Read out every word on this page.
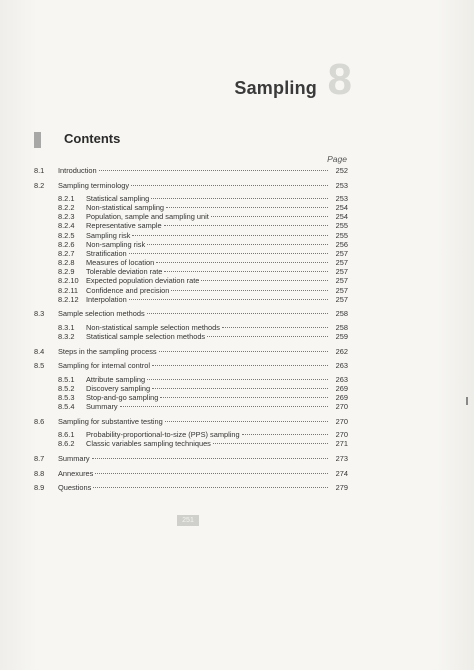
Sampling 8
Contents
Page
8.1 Introduction	252
8.2 Sampling terminology	253
8.2.1 Statistical sampling	253
8.2.2 Non-statistical sampling	254
8.2.3 Population, sample and sampling unit	254
8.2.4 Representative sample	255
8.2.5 Sampling risk	255
8.2.6 Non-sampling risk	256
8.2.7 Stratification	257
8.2.8 Measures of location	257
8.2.9 Tolerable deviation rate	257
8.2.10 Expected population deviation rate	257
8.2.11 Confidence and precision	257
8.2.12 Interpolation	257
8.3 Sample selection methods	258
8.3.1 Non-statistical sample selection methods	258
8.3.2 Statistical sample selection methods	259
8.4 Steps in the sampling process	262
8.5 Sampling for internal control	263
8.5.1 Attribute sampling	263
8.5.2 Discovery sampling	269
8.5.3 Stop-and-go sampling	269
8.5.4 Summary	270
8.6 Sampling for substantive testing	270
8.6.1 Probability-proportional-to-size (PPS) sampling	270
8.6.2 Classic variables sampling techniques	271
8.7 Summary	273
8.8 Annexures	274
8.9 Questions	279
251
